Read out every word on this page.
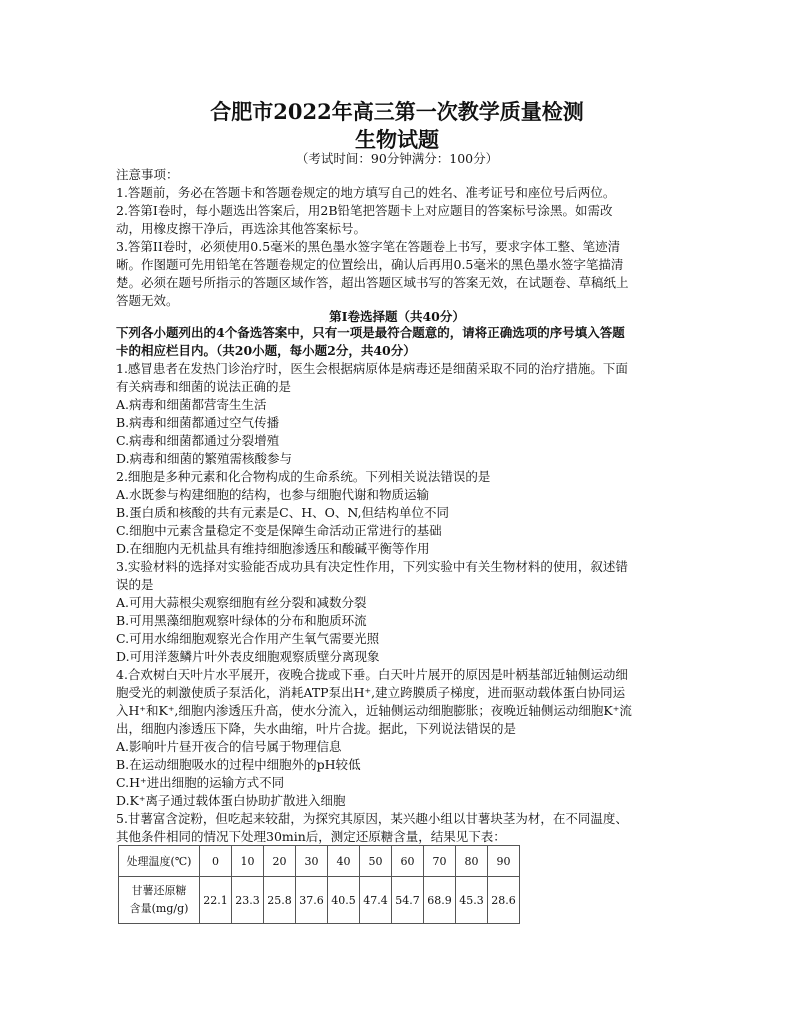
合肥市2022年高三第一次教学质量检测
生物试题
（考试时间：90分钟满分：100分）
注意事项：
1.答题前，务必在答题卡和答题卷规定的地方填写自己的姓名、准考证号和座位号后两位。
2.答第Ⅰ卷时，每小题选出答案后，用2B铅笔把答题卡上对应题目的答案标号涂黑。如需改
动，用橡皮擦干净后，再选涂其他答案标号。
3.答第II卷时，必须使用0.5毫米的黑色墨水签字笔在答题卷上书写，要求字体工整、笔迹清
晰。作图题可先用铅笔在答题卷规定的位置绘出，确认后再用0.5毫米的黑色墨水签字笔描清
楚。必须在题号所指示的答题区域作答，超出答题区域书写的答案无效，在试题卷、草稿纸上
答题无效。
第Ⅰ卷选择题（共40分）
下列各小题列出的4个备选答案中，只有一项是最符合题意的，请将正确选项的序号填入答题
卡的相应栏目内。（共20小题，每小题2分，共40分）
1.感冒患者在发热门诊治疗时，医生会根据病原体是病毒还是细菌采取不同的治疗措施。下面
有关病毒和细菌的说法正确的是
A.病毒和细菌都营寄生生活
B.病毒和细菌都通过空气传播
C.病毒和细菌都通过分裂增殖
D.病毒和细菌的繁殖需核酸参与
2.细胞是多种元素和化合物构成的生命系统。下列相关说法错误的是
A.水既参与构建细胞的结构，也参与细胞代谢和物质运输
B.蛋白质和核酸的共有元素是C、H、O、N,但结构单位不同
C.细胞中元素含量稳定不变是保障生命活动正常进行的基础
D.在细胞内无机盐具有维持细胞渗透压和酸碱平衡等作用
3.实验材料的选择对实验能否成功具有决定性作用，下列实验中有关生物材料的使用，叙述错
误的是
A.可用大蒜根尖观察细胞有丝分裂和减数分裂
B.可用黑藻细胞观察叶绿体的分布和胞质环流
C.可用水绵细胞观察光合作用产生氧气需要光照
D.可用洋葱鳞片叶外表皮细胞观察质壁分离现象
4.合欢树白天叶片水平展开，夜晚合拢或下垂。白天叶片展开的原因是叶柄基部近轴侧运动细
胞受光的刺激使质子泵活化，消耗ATP泵出H⁺,建立跨膜质子梯度，进而驱动载体蛋白协同运
入H⁺和K⁺,细胞内渗透压升高，使水分流入，近轴侧运动细胞膨胀；夜晚近轴侧运动细胞K⁺流
出，细胞内渗透压下降，失水曲缩，叶片合拢。据此，下列说法错误的是
A.影响叶片昼开夜合的信号属于物理信息
B.在运动细胞吸水的过程中细胞外的pH较低
C.H⁺进出细胞的运输方式不同
D.K⁺离子通过载体蛋白协助扩散进入细胞
5.甘薯富含淀粉，但吃起来较甜，为探究其原因，某兴趣小组以甘薯块茎为材，在不同温度、
其他条件相同的情况下处理30min后，测定还原糖含量，结果见下表：
处理温度(℃)	0	10	20	30	40	50	60	70	80	90

甘薯还原糖
含量(mg/g)	22.1	23.3	25.8	37.6	40.5	47.4	54.7	68.9	45.3	28.6
